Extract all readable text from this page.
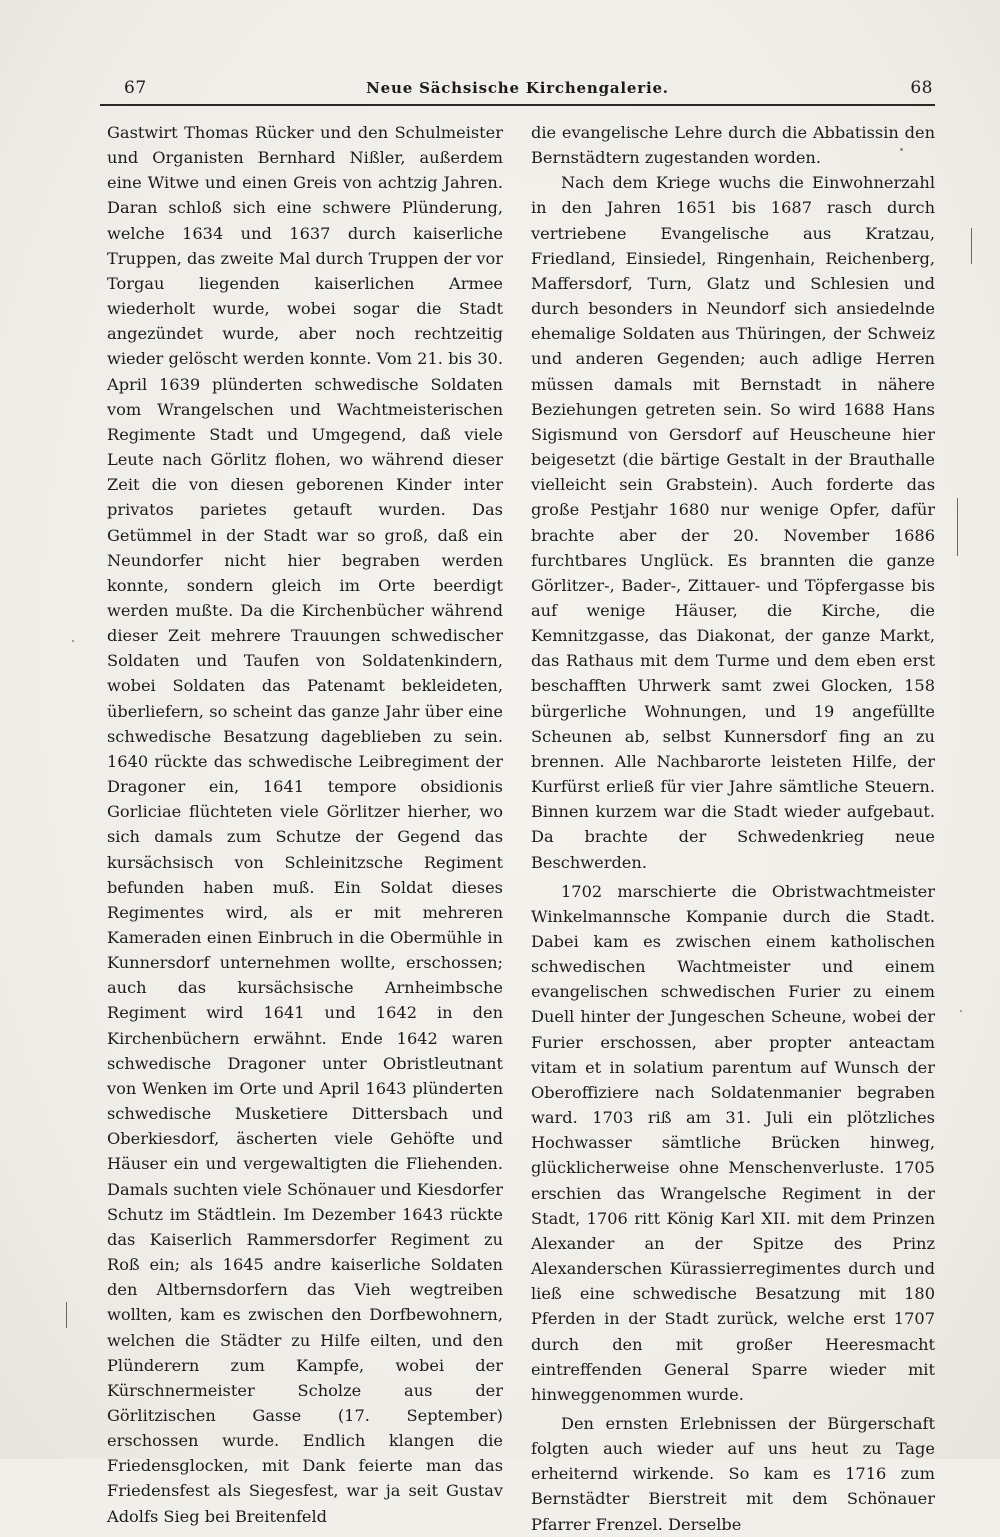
67	Neue Sächsische Kirchengalerie.	68

Gastwirt Thomas Rücker und den Schulmeister und Organisten Bernhard Nißler, außerdem eine Witwe und einen Greis von achtzig Jahren. Daran schloß sich eine schwere Plünderung, welche 1634 und 1637 durch kaiserliche Truppen, das zweite Mal durch Truppen der vor Torgau liegenden kaiserlichen Armee wiederholt wurde, wobei sogar die Stadt angezündet wurde, aber noch rechtzeitig wieder gelöscht werden konnte. Vom 21. bis 30. April 1639 plünderten schwedische Soldaten vom Wrangelschen und Wachtmeisterischen Regimente Stadt und Umgegend, daß viele Leute nach Görlitz flohen, wo während dieser Zeit die von diesen geborenen Kinder inter privatos parietes getauft wurden. Das Getümmel in der Stadt war so groß, daß ein Neundorfer nicht hier begraben werden konnte, sondern gleich im Orte beerdigt werden mußte. Da die Kirchenbücher während dieser Zeit mehrere Trauungen schwedischer Soldaten und Taufen von Soldatenkindern, wobei Soldaten das Patenamt bekleideten, überliefern, so scheint das ganze Jahr über eine schwedische Besatzung dageblieben zu sein. 1640 rückte das schwedische Leibregiment der Dragoner ein, 1641 tempore obsidionis Gorliciae flüchteten viele Görlitzer hierher, wo sich damals zum Schutze der Gegend das kursächsisch von Schleinitzsche Regiment befunden haben muß. Ein Soldat dieses Regimentes wird, als er mit mehreren Kameraden einen Einbruch in die Obermühle in Kunnersdorf unternehmen wollte, erschossen; auch das kursächsische Arnheimbsche Regiment wird 1641 und 1642 in den Kirchenbüchern erwähnt. Ende 1642 waren schwedische Dragoner unter Obristleutnant von Wenken im Orte und April 1643 plünderten schwedische Musketiere Dittersbach und Oberkiesdorf, äscherten viele Gehöfte und Häuser ein und vergewaltigten die Fliehenden. Damals suchten viele Schönauer und Kiesdorfer Schutz im Städtlein. Im Dezember 1643 rückte das Kaiserlich Rammersdorfer Regiment zu Roß ein; als 1645 andre kaiserliche Soldaten den Altbernsdorfern das Vieh wegtreiben wollten, kam es zwischen den Dorfbewohnern, welchen die Städter zu Hilfe eilten, und den Plünderern zum Kampfe, wobei der Kürschnermeister Scholze aus der Görlitzischen Gasse (17. September) erschossen wurde. Endlich klangen die Friedensglocken, mit Dank feierte man das Friedensfest als Siegesfest, war ja seit Gustav Adolfs Sieg bei Breitenfeld

die evangelische Lehre durch die Abbatissin den Bernstädtern zugestanden worden.

Nach dem Kriege wuchs die Einwohnerzahl in den Jahren 1651 bis 1687 rasch durch vertriebene Evangelische aus Kratzau, Friedland, Einsiedel, Ringenhain, Reichenberg, Maffersdorf, Turn, Glatz und Schlesien und durch besonders in Neundorf sich ansiedelnde ehemalige Soldaten aus Thüringen, der Schweiz und anderen Gegenden; auch adlige Herren müssen damals mit Bernstadt in nähere Beziehungen getreten sein. So wird 1688 Hans Sigismund von Gersdorf auf Heuscheune hier beigesetzt (die bärtige Gestalt in der Brauthalle vielleicht sein Grabstein). Auch forderte das große Pestjahr 1680 nur wenige Opfer, dafür brachte aber der 20. November 1686 furchtbares Unglück. Es brannten die ganze Görlitzer-, Bader-, Zittauer- und Töpfergasse bis auf wenige Häuser, die Kirche, die Kemnitzgasse, das Diakonat, der ganze Markt, das Rathaus mit dem Turme und dem eben erst beschafften Uhrwerk samt zwei Glocken, 158 bürgerliche Wohnungen, und 19 angefüllte Scheunen ab, selbst Kunnersdorf fing an zu brennen. Alle Nachbarorte leisteten Hilfe, der Kurfürst erließ für vier Jahre sämtliche Steuern. Binnen kurzem war die Stadt wieder aufgebaut. Da brachte der Schwedenkrieg neue Beschwerden.

1702 marschierte die Obristwachtmeister Winkelmannsche Kompanie durch die Stadt. Dabei kam es zwischen einem katholischen schwedischen Wachtmeister und einem evangelischen schwedischen Furier zu einem Duell hinter der Jungeschen Scheune, wobei der Furier erschossen, aber propter anteactam vitam et in solatium parentum auf Wunsch der Oberoffiziere nach Soldatenmanier begraben ward. 1703 riß am 31. Juli ein plötzliches Hochwasser sämtliche Brücken hinweg, glücklicherweise ohne Menschenverluste. 1705 erschien das Wrangelsche Regiment in der Stadt, 1706 ritt König Karl XII. mit dem Prinzen Alexander an der Spitze des Prinz Alexanderschen Kürassierregimentes durch und ließ eine schwedische Besatzung mit 180 Pferden in der Stadt zurück, welche erst 1707 durch den mit großer Heeresmacht eintreffenden General Sparre wieder mit hinweggenommen wurde.

Den ernsten Erlebnissen der Bürgerschaft folgten auch wieder auf uns heut zu Tage erheiternd wirkende. So kam es 1716 zum Bernstädter Bierstreit mit dem Schönauer Pfarrer Frenzel. Derselbe
